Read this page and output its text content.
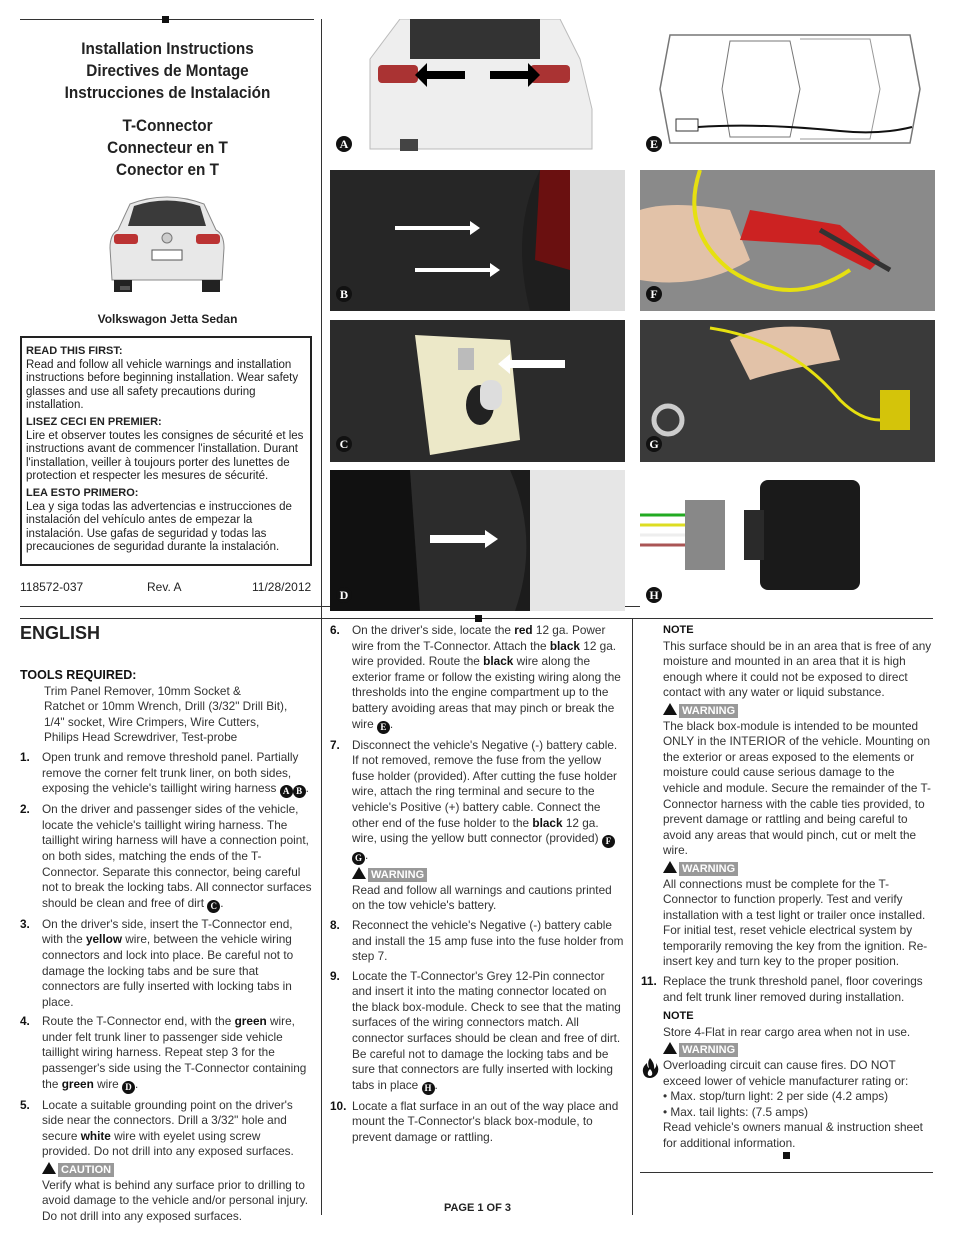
Installation Instructions
Directives de Montage
Instrucciones de Instalación
T-Connector
Connecteur en T
Conector en T
Volkswagon Jetta Sedan
READ THIS FIRST:

Read and follow all vehicle warnings and installation instructions before beginning installation. Wear safety glasses and use all safety precautions during installation.

LISEZ CECI EN PREMIER:

Lire et observer toutes les consignes de sécurité et les instructions avant de commencer l'installation. Durant l'installation, veiller à toujours porter des lunettes de protection et respecter les mesures de sécurité.

LEA ESTO PRIMERO:

Lea y siga todas las advertencias e instrucciones de instalación del vehículo antes de empezar la instalación. Use gafas de seguridad y todas las precauciones de seguridad durante la instalación.

118572-037	Rev. A	11/28/2012
A
B
C
D
E
F
G
H
ENGLISH
TOOLS REQUIRED:
Trim Panel Remover, 10mm Socket &
Ratchet or 10mm Wrench, Drill (3/32" Drill Bit),
1/4" socket, Wire Crimpers, Wire Cutters,
Philips Head Screwdriver, Test-probe
1. Open trunk and remove threshold panel. Partially remove the corner felt trunk liner, on both sides, exposing the vehicle's taillight wiring harness A B .
2. On the driver and passenger sides of the vehicle, locate the vehicle's taillight wiring harness. The taillight wiring harness will have a connection point, on both sides, matching the ends of the T-Connector. Separate this connector, being careful not to break the locking tabs. All connector surfaces should be clean and free of dirt C .
3. On the driver's side, insert the T-Connector end, with the yellow wire, between the vehicle wiring connectors and lock into place. Be careful not to damage the locking tabs and be sure that connectors are fully inserted with locking tabs in place.
4. Route the T-Connector end, with the green wire, under felt trunk liner to passenger side vehicle taillight wiring harness. Repeat step 3 for the passenger's side using the T-Connector containing the green wire D .
5. Locate a suitable grounding point on the driver's side near the connectors. Drill a 3/32" hole and secure white wire with eyelet using screw provided. Do not drill into any exposed surfaces.
CAUTION
Verify what is behind any surface prior to drilling to avoid damage to the vehicle and/or personal injury. Do not drill into any exposed surfaces.
6. On the driver's side, locate the red 12 ga. Power wire from the T-Connector. Attach the black 12 ga. wire provided. Route the black wire along the exterior frame or follow the existing wiring along the thresholds into the engine compartment up to the battery avoiding areas that may pinch or break the wire E .
7. Disconnect the vehicle's Negative (-) battery cable. If not removed, remove the fuse from the yellow fuse holder (provided). After cutting the fuse holder wire, attach the ring terminal and secure to the vehicle's Positive (+) battery cable. Connect the other end of the fuse holder to the black 12 ga. wire, using the yellow butt connector (provided) FG .
WARNING
Read and follow all warnings and cautions printed on the tow vehicle's battery.
8. Reconnect the vehicle's Negative (-) battery cable and install the 15 amp fuse into the fuse holder from step 7.
9. Locate the T-Connector's Grey 12-Pin connector and insert it into the mating connector located on the black box-module. Check to see that the mating surfaces of the wiring connectors match. All connector surfaces should be clean and free of dirt. Be careful not to damage the locking tabs and be sure that connectors are fully inserted with locking tabs in place H .
10. Locate a flat surface in an out of the way place and mount the T-Connector's black box-module, to prevent damage or rattling.
NOTE
This surface should be in an area that is free of any moisture and mounted in an area that it is high enough where it could not be exposed to direct contact with any water or liquid substance.
WARNING
The black box-module is intended to be mounted ONLY in the INTERIOR of the vehicle. Mounting on the exterior or areas exposed to the elements or moisture could cause serious damage to the vehicle and module. Secure the remainder of the T-Connector harness with the cable ties provided, to prevent damage or rattling and being careful to avoid any areas that would pinch, cut or melt the wire.
WARNING
All connections must be complete for the T-Connector to function properly. Test and verify installation with a test light or trailer once installed. For initial test, reset vehicle electrical system by temporarily removing the key from the ignition. Re-insert key and turn key to the proper position.
11. Replace the trunk threshold panel, floor coverings and felt trunk liner removed during installation.
NOTE
Store 4-Flat in rear cargo area when not in use.
WARNING
Overloading circuit can cause fires. DO NOT exceed lower of vehicle manufacturer rating or:
• Max. stop/turn light: 2 per side (4.2 amps)
• Max. tail lights: (7.5 amps)
Read vehicle's owners manual & instruction sheet for additional information.
PAGE 1 OF 3
